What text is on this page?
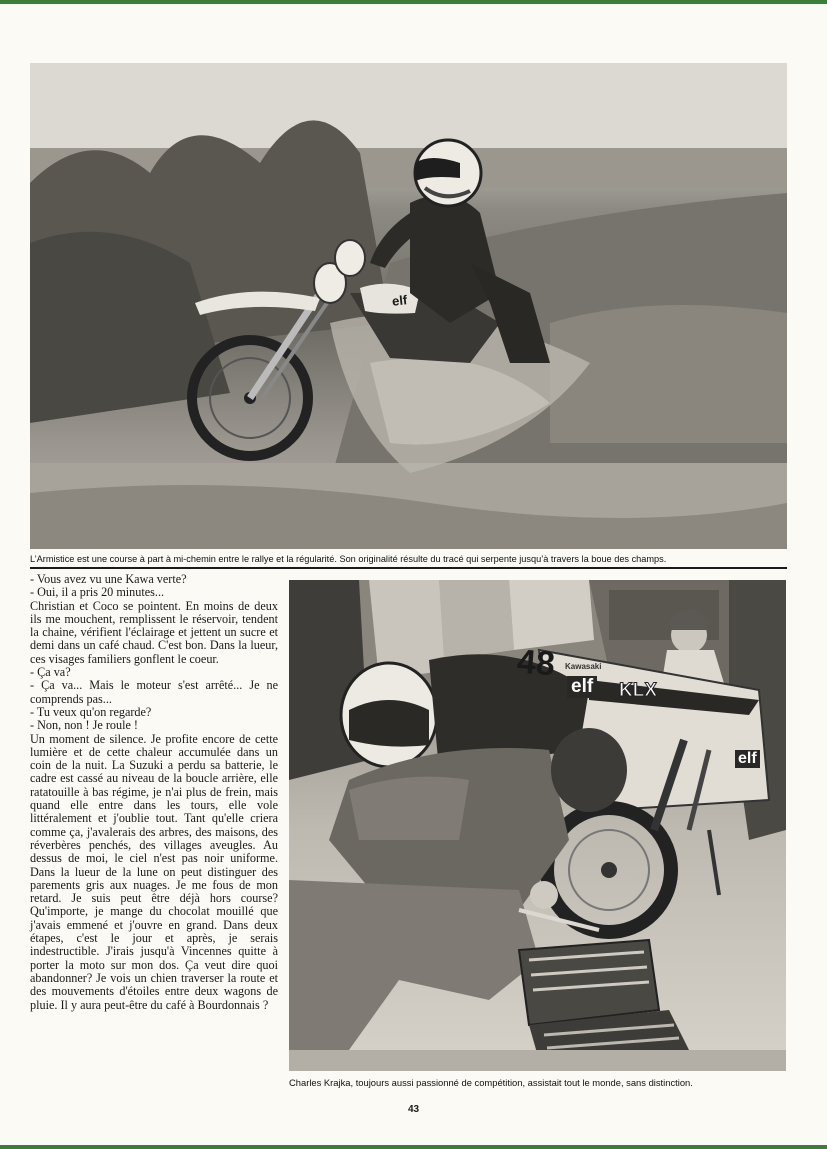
elf
L’Armistice est une course à part à mi-chemin entre le rallye et la régularité. Son originalité résulte du tracé qui serpente jusqu’à travers la boue des champs.

- Vous avez vu une Kawa verte?

- Oui, il a pris 20 minutes...

Christian et Coco se pointent. En moins de deux ils me mouchent, remplissent le réservoir, tendent la chaine, vérifient l'éclairage et jettent un sucre et demi dans un café chaud. C'est bon. Dans la lueur, ces visages familiers gonflent le coeur.

- Ça va?

- Ça va... Mais le moteur s'est arrêté... Je ne comprends pas...

- Tu veux qu'on regarde?

- Non, non ! Je roule !

Un moment de silence. Je profite encore de cette lumière et de cette chaleur accumulée dans un coin de la nuit. La Suzuki a perdu sa batterie, le cadre est cassé au niveau de la boucle arrière, elle ratatouille à bas régime, je n'ai plus de frein, mais quand elle entre dans les tours, elle vole littéralement et j'oublie tout. Tant qu'elle criera comme ça, j'avalerais des arbres, des maisons, des réverbères penchés, des villages aveugles. Au dessus de moi, le ciel n'est pas noir uniforme. Dans la lueur de la lune on peut distinguer des parements gris aux nuages. Je me fous de mon retard. Je suis peut être déjà hors course? Qu'importe, je mange du chocolat mouillé que j'avais emmené et j'ouvre en grand. Dans deux étapes, c'est le jour et après, je serais indestructible. J'irais jusqu'à Vincennes quitte à porter la moto sur mon dos. Ça veut dire quoi abandonner? Je vois un chien traverser la route et des mouvements d'étoiles entre deux wagons de pluie. Il y aura peut-être du café à Bourdonnais ?

48 Kawasaki
elf KLX
elf
Charles Krajka, toujours aussi passionné de compétition, assistait tout le monde, sans distinction.
43
